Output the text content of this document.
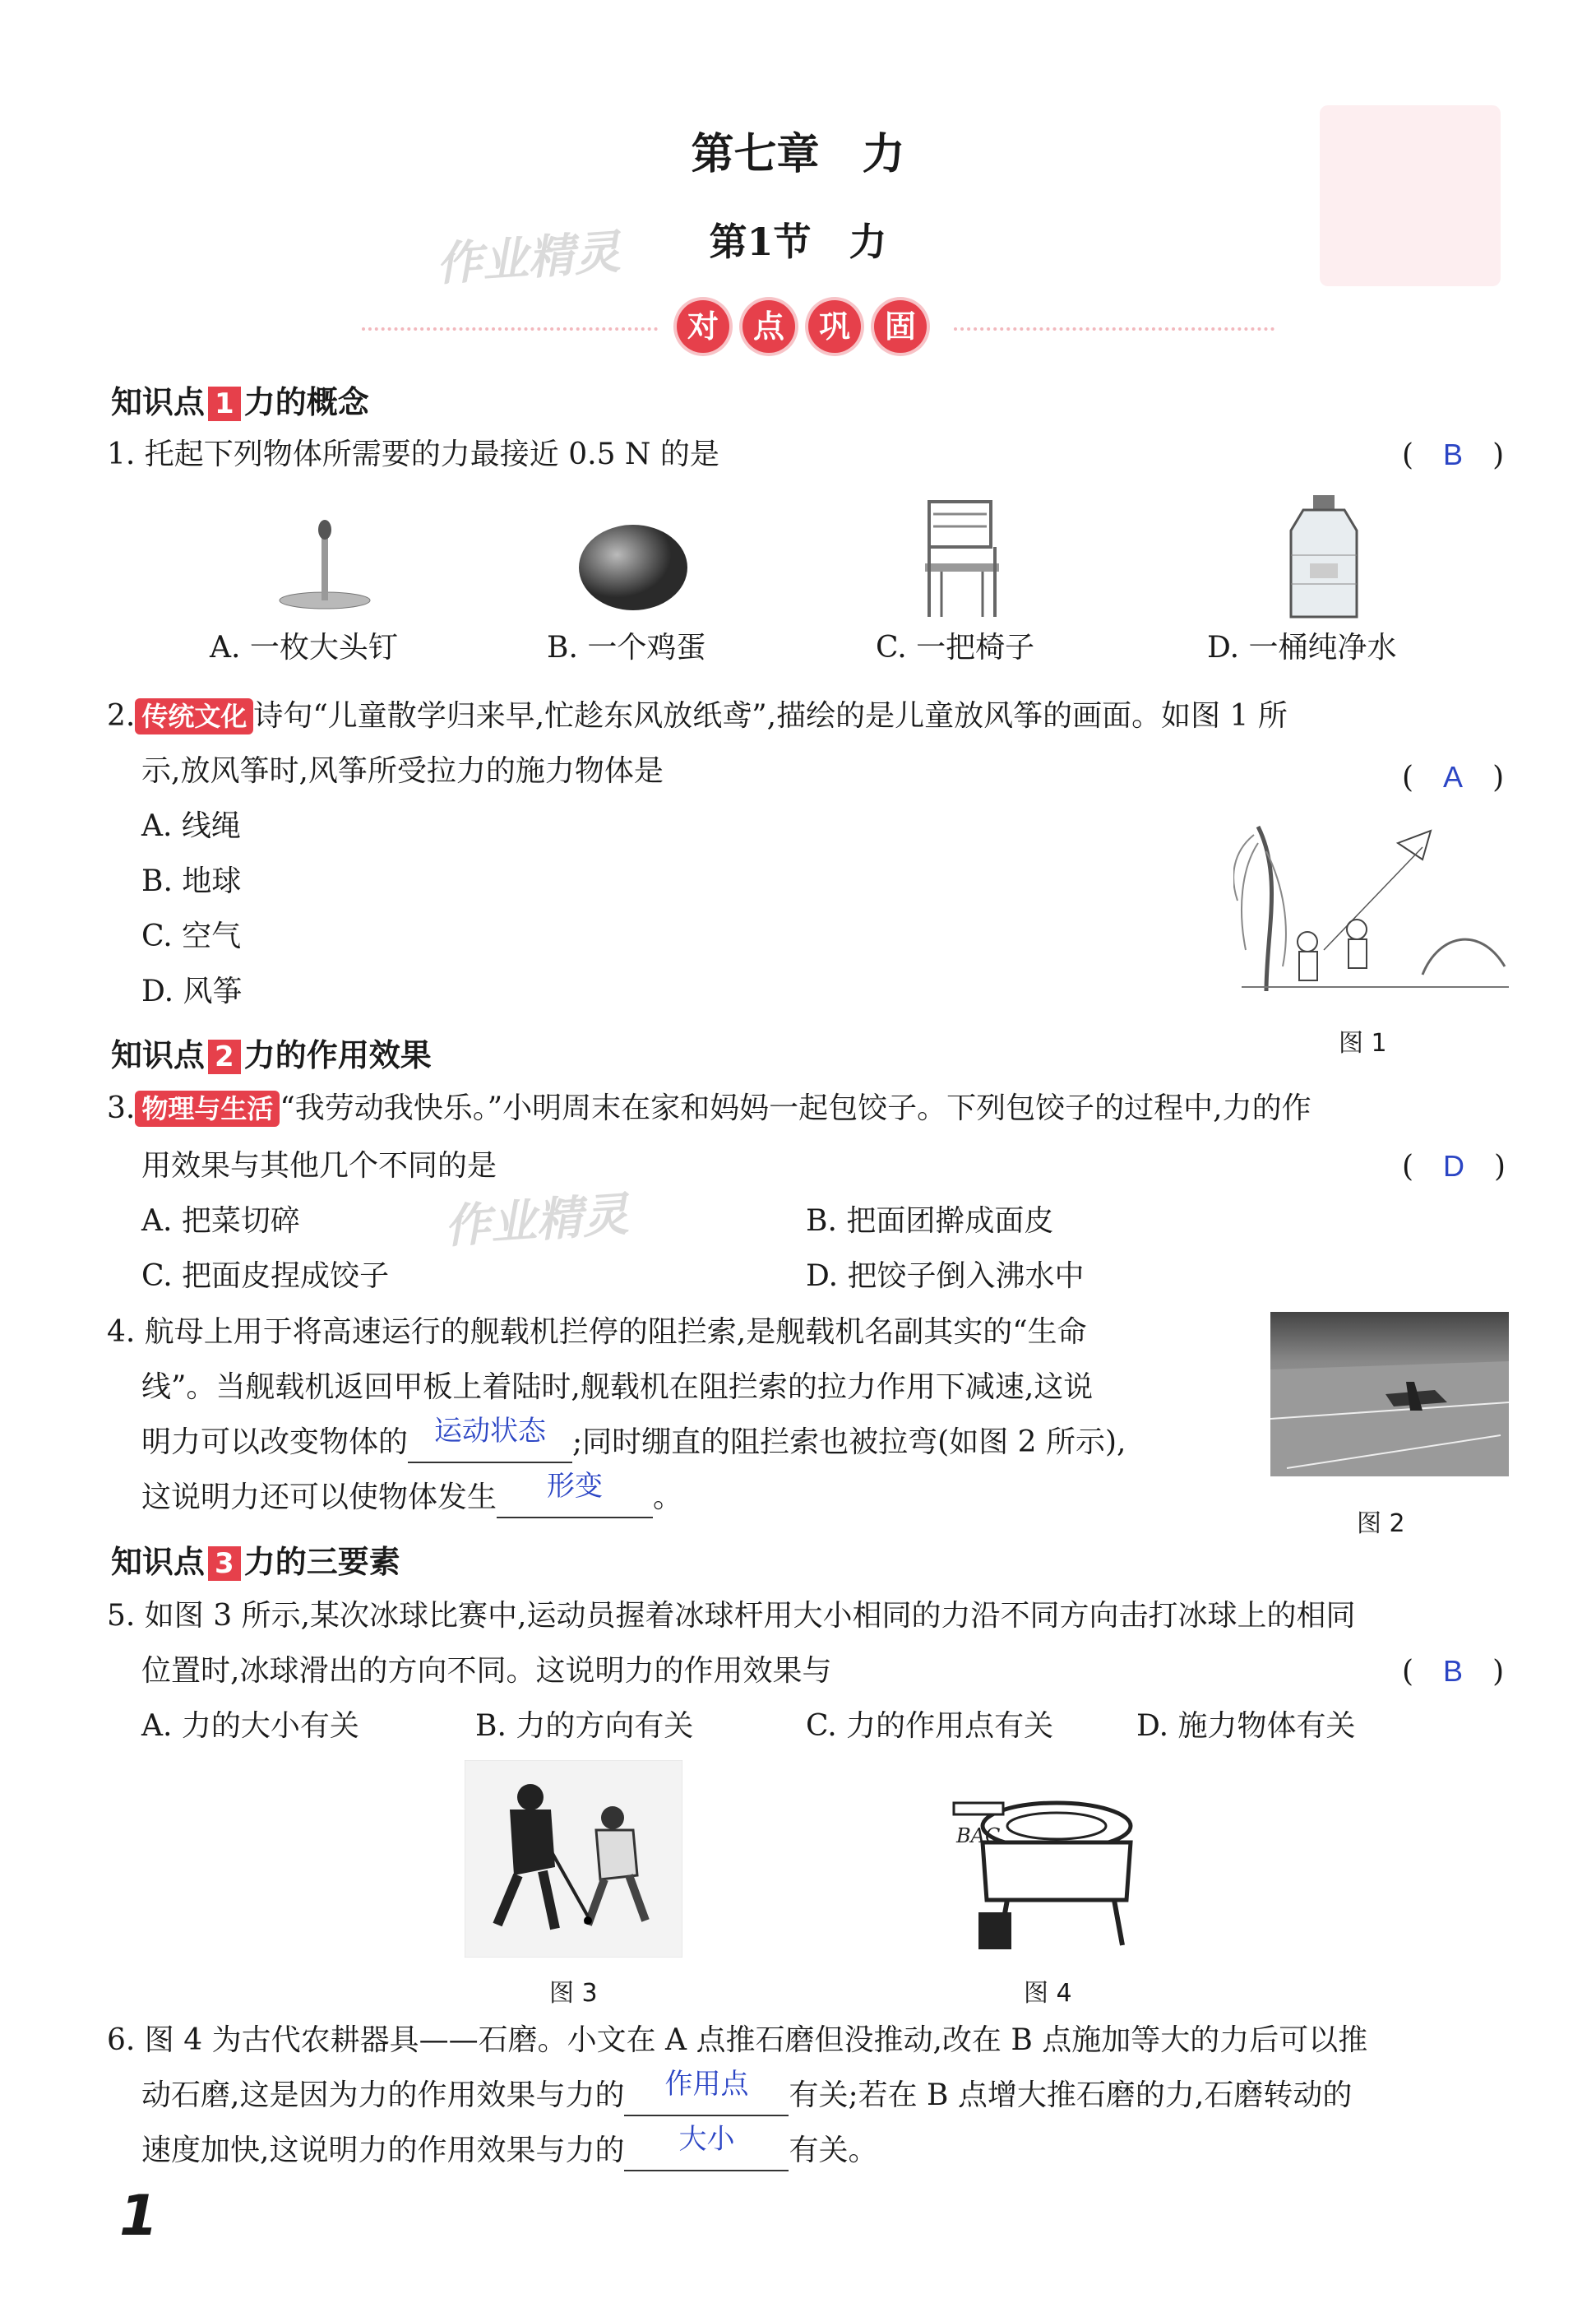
作业精灵
作业精灵
第七章　力
第1节　力
对 点 巩 固
知识点 1 力的概念
1. 托起下列物体所需要的力最接近 0.5 N 的是	(　B　)
A. 一枚大头钉	B. 一个鸡蛋	C. 一把椅子	D. 一桶纯净水
2. 传统文化 诗句“儿童散学归来早,忙趁东风放纸鸢”,描绘的是儿童放风筝的画面。如图 1 所
示,放风筝时,风筝所受拉力的施力物体是	(　A　)
A. 线绳
B. 地球
C. 空气
D. 风筝
图 1
知识点 2 力的作用效果
3. 物理与生活 “我劳动我快乐。”小明周末在家和妈妈一起包饺子。下列包饺子的过程中,力的作
用效果与其他几个不同的是	(　D　)
A. 把菜切碎	B. 把面团擀成面皮
C. 把面皮捏成饺子	D. 把饺子倒入沸水中
4. 航母上用于将高速运行的舰载机拦停的阻拦索,是舰载机名副其实的“生命
线”。当舰载机返回甲板上着陆时,舰载机在阻拦索的拉力作用下减速,这说
明力可以改变物体的 运动状态 ;同时绷直的阻拦索也被拉弯(如图 2 所示),
这说明力还可以使物体发生	形变	。
图 2
知识点 3 力的三要素
5. 如图 3 所示,某次冰球比赛中,运动员握着冰球杆用大小相同的力沿不同方向击打冰球上的相同
位置时,冰球滑出的方向不同。这说明力的作用效果与	(　B　)
A. 力的大小有关	B. 力的方向有关	C. 力的作用点有关	D. 施力物体有关
图 3
BAC
图 4
6. 图 4 为古代农耕器具——石磨。小文在 A 点推石磨但没推动,改在 B 点施加等大的力后可以推
动石磨,这是因为力的作用效果与力的	作用点	有关;若在 B 点增大推石磨的力,石磨转动的
速度加快,这说明力的作用效果与力的	大小	有关。
1
